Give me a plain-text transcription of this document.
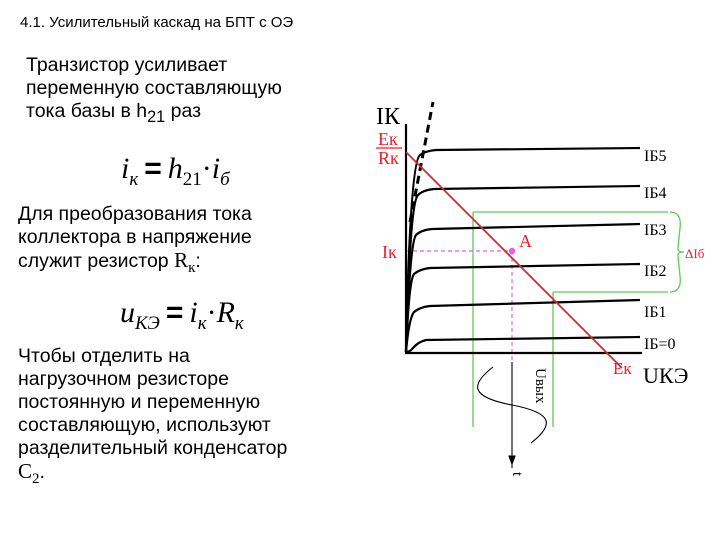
4.1. Усилительный каскад на БПТ с ОЭ
Транзистор усиливает
переменную составляющую
тока базы в $h_{21}$ раз
$i_к = h_{21}\cdot i_б$
Для преобразования тока
коллектора в напряжение
служит резистор $R_к$:
$u_{КЭ} = i_к\cdot R_к$
Чтобы отделить на
нагрузочном резисторе
постоянную и переменную
составляющую, используют
разделительный конденсатор
$C_2$.
IК
Eк
Rк
Iк
A
Eк UКЭ
IБ5
IБ4
IБ3
IБ2
IБ1
IБ=0
ΔIб
Uвых
t
